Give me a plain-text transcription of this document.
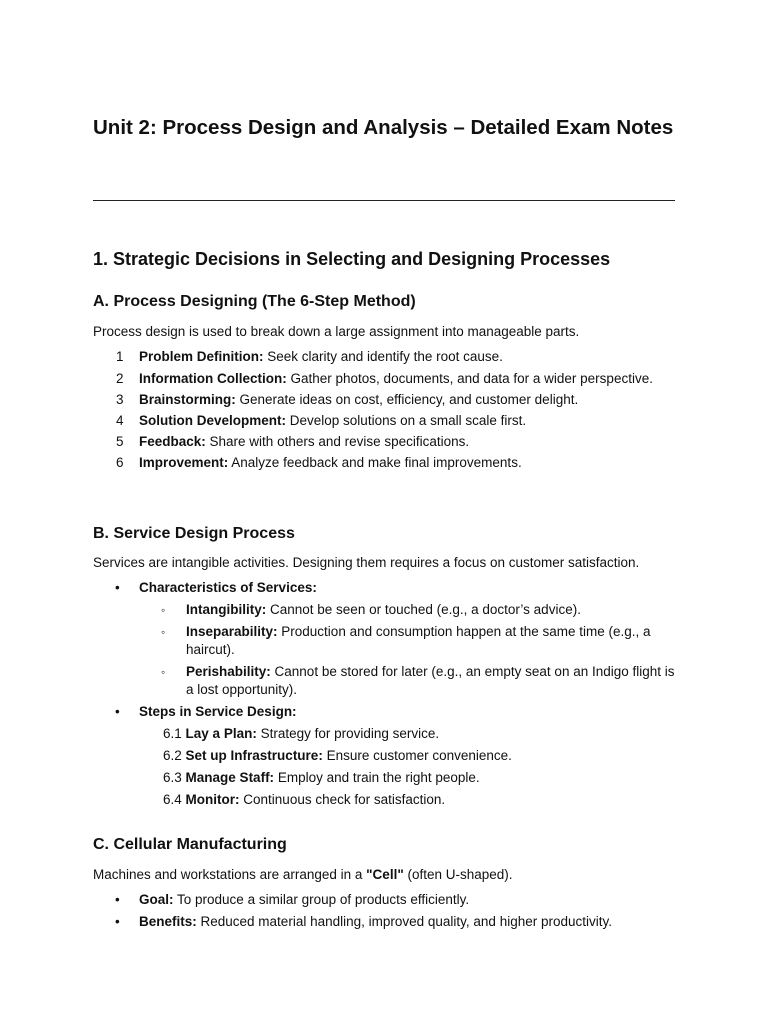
Unit 2: Process Design and Analysis – Detailed Exam Notes
1. Strategic Decisions in Selecting and Designing Processes
A. Process Designing (The 6-Step Method)

Process design is used to break down a large assignment into manageable parts.

1 Problem Definition: Seek clarity and identify the root cause.
2 Information Collection: Gather photos, documents, and data for a wider perspective.
3 Brainstorming: Generate ideas on cost, efficiency, and customer delight.
4 Solution Development: Develop solutions on a small scale first.
5 Feedback: Share with others and revise specifications.
6 Improvement: Analyze feedback and make final improvements.
B. Service Design Process

Services are intangible activities. Designing them requires a focus on customer satisfaction.

• Characteristics of Services:
◦ Intangibility: Cannot be seen or touched (e.g., a doctor’s advice).
◦ Inseparability: Production and consumption happen at the same time (e.g., a haircut).
◦ Perishability: Cannot be stored for later (e.g., an empty seat on an Indigo flight is a lost opportunity).
• Steps in Service Design:
6.1 Lay a Plan: Strategy for providing service.
6.2 Set up Infrastructure: Ensure customer convenience.
6.3 Manage Staff: Employ and train the right people.
6.4 Monitor: Continuous check for satisfaction.
C. Cellular Manufacturing

Machines and workstations are arranged in a "Cell" (often U-shaped).

• Goal: To produce a similar group of products efficiently.
• Benefits: Reduced material handling, improved quality, and higher productivity.
